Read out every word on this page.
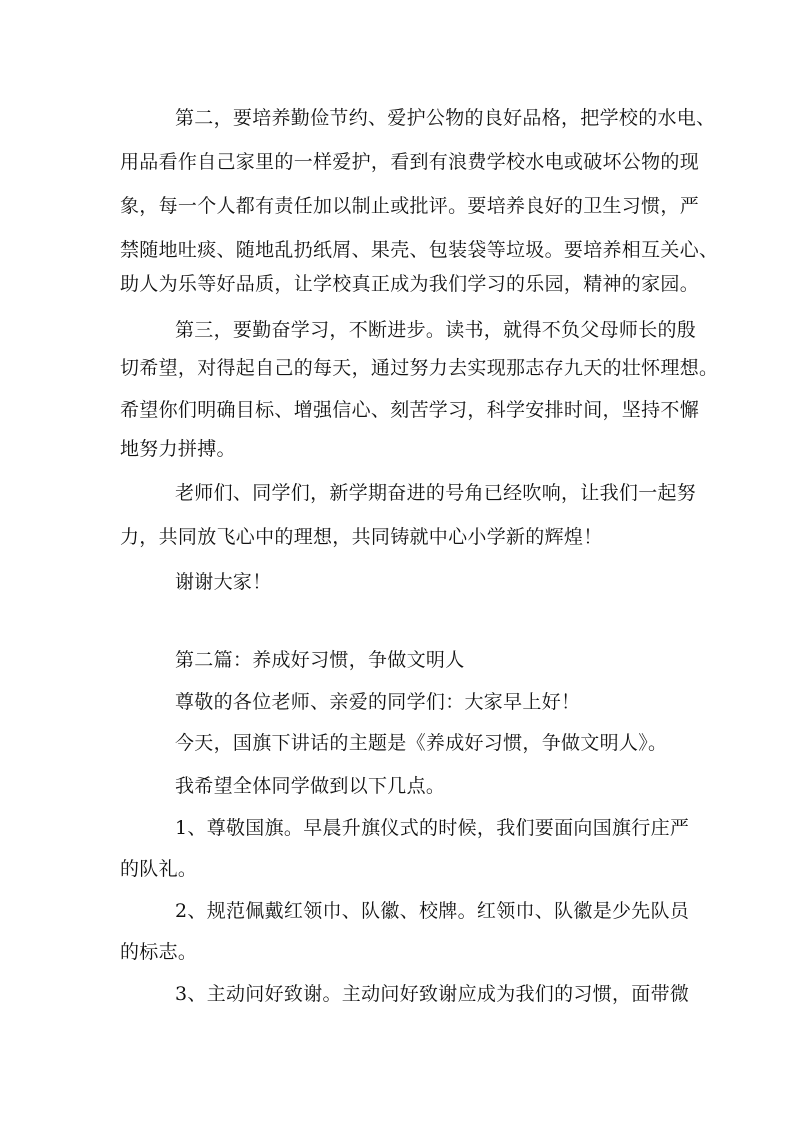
第二，要培养勤俭节约、爱护公物的良好品格，把学校的水电、
用品看作自己家里的一样爱护，看到有浪费学校水电或破坏公物的现
象，每一个人都有责任加以制止或批评。要培养良好的卫生习惯，严
禁随地吐痰、随地乱扔纸屑、果壳、包装袋等垃圾。要培养相互关心、
助人为乐等好品质，让学校真正成为我们学习的乐园，精神的家园。
第三，要勤奋学习，不断进步。读书，就得不负父母师长的殷
切希望，对得起自己的每天，通过努力去实现那志存九天的壮怀理想。
希望你们明确目标、增强信心、刻苦学习，科学安排时间，坚持不懈
地努力拼搏。
老师们、同学们，新学期奋进的号角已经吹响，让我们一起努
力，共同放飞心中的理想，共同铸就中心小学新的辉煌！
谢谢大家！
第二篇：养成好习惯，争做文明人
尊敬的各位老师、亲爱的同学们：大家早上好！
今天，国旗下讲话的主题是《养成好习惯，争做文明人》。
我希望全体同学做到以下几点。
1、尊敬国旗。早晨升旗仪式的时候，我们要面向国旗行庄严
的队礼。
2、规范佩戴红领巾、队徽、校牌。红领巾、队徽是少先队员
的标志。
3、主动问好致谢。主动问好致谢应成为我们的习惯，面带微
